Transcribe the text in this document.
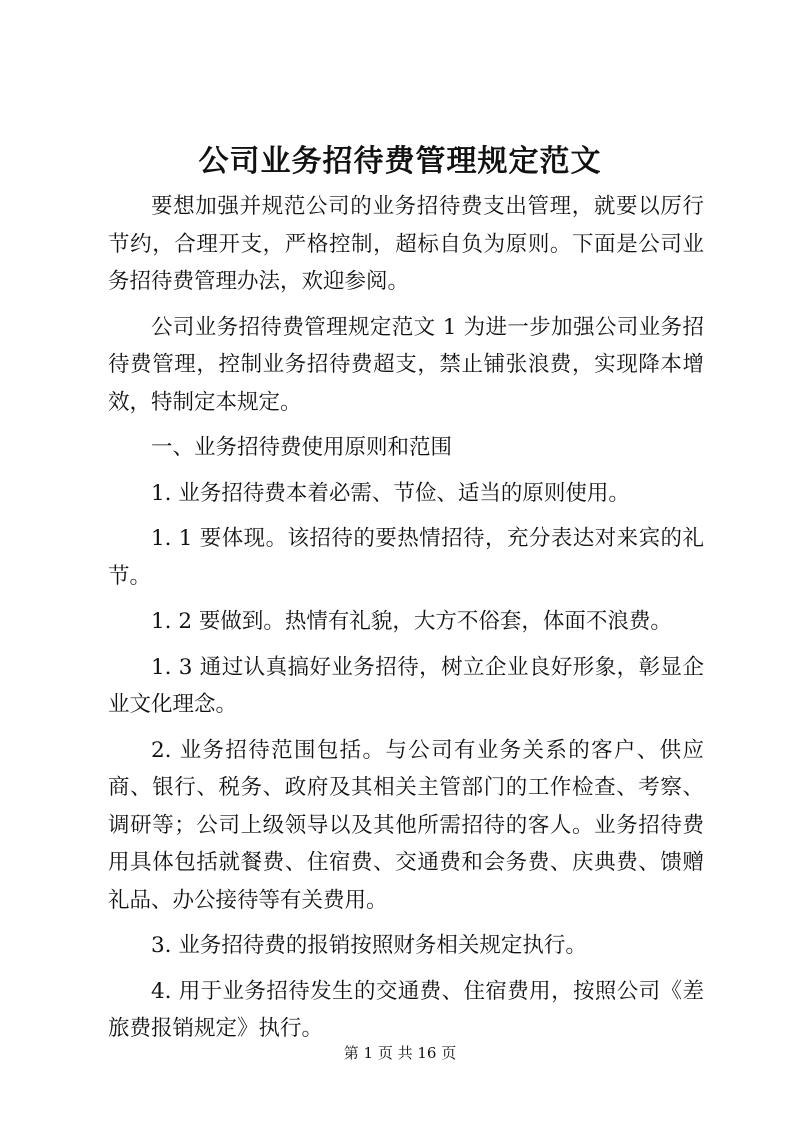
公司业务招待费管理规定范文

要想加强并规范公司的业务招待费支出管理，就要以厉行节约，合理开支，严格控制，超标自负为原则。下面是公司业务招待费管理办法，欢迎参阅。

公司业务招待费管理规定范文 1 为进一步加强公司业务招待费管理，控制业务招待费超支，禁止铺张浪费，实现降本增效，特制定本规定。

一、业务招待费使用原则和范围

1. 业务招待费本着必需、节俭、适当的原则使用。

1. 1 要体现。该招待的要热情招待，充分表达对来宾的礼节。

1. 2 要做到。热情有礼貌，大方不俗套，体面不浪费。

1. 3 通过认真搞好业务招待，树立企业良好形象，彰显企业文化理念。

2. 业务招待范围包括。与公司有业务关系的客户、供应商、银行、税务、政府及其相关主管部门的工作检查、考察、调研等；公司上级领导以及其他所需招待的客人。业务招待费用具体包括就餐费、住宿费、交通费和会务费、庆典费、馈赠礼品、办公接待等有关费用。

3. 业务招待费的报销按照财务相关规定执行。

4. 用于业务招待发生的交通费、住宿费用，按照公司《差旅费报销规定》执行。

第 1 页 共 16 页
